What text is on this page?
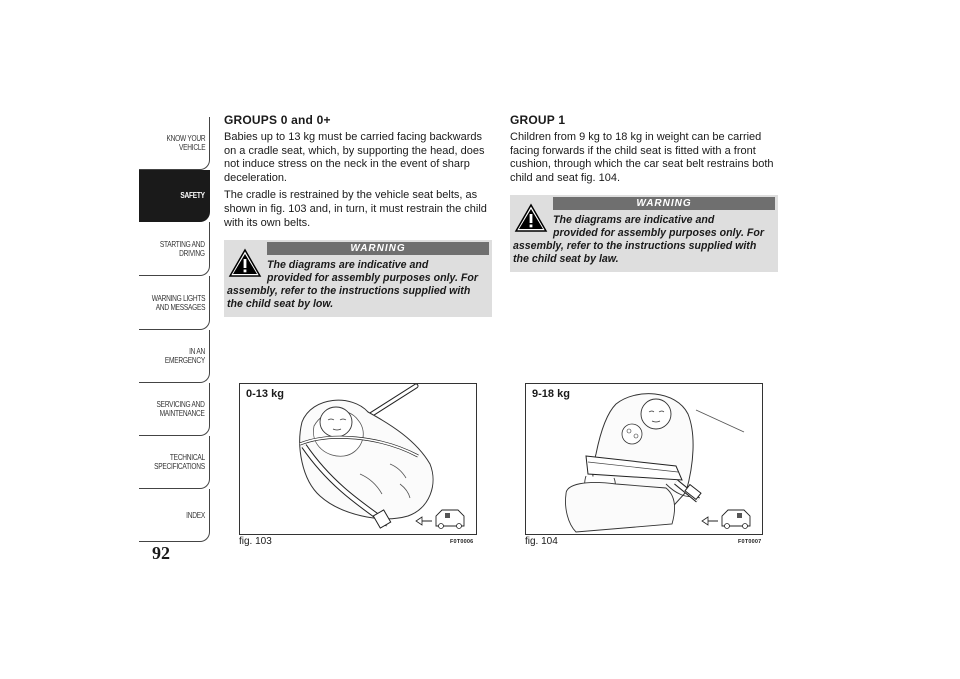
KNOW YOUR
VEHICLE
SAFETY
STARTING AND
DRIVING
WARNING LIGHTS
AND MESSAGES
IN AN EMERGENCY
SERVICING AND
MAINTENANCE
TECHNICAL
SPECIFICATIONS
INDEX
92
GROUPS 0 and 0+

Babies up to 13 kg must be carried facing backwards on a cradle seat, which, by supporting the head, does not induce stress on the neck in the event of sharp deceleration.

The cradle is restrained by the vehicle seat belts, as shown in fig. 103 and, in turn, it must restrain the child with its own belts.

WARNING
The diagrams are indicative and
provided for assembly purposes only. For
assembly, refer to the instructions supplied with the child seat by low.
GROUP 1

Children from 9 kg to 18 kg in weight can be carried facing forwards if the child seat is fitted with a front cushion, through which the car seat belt restrains both child and seat fig. 104.

WARNING
The diagrams are indicative and
provided for assembly purposes only. For
assembly, refer to the instructions supplied with the child seat by law.
0-13 kg
fig. 103	F0T0006
9-18 kg
fig. 104	F0T0007
